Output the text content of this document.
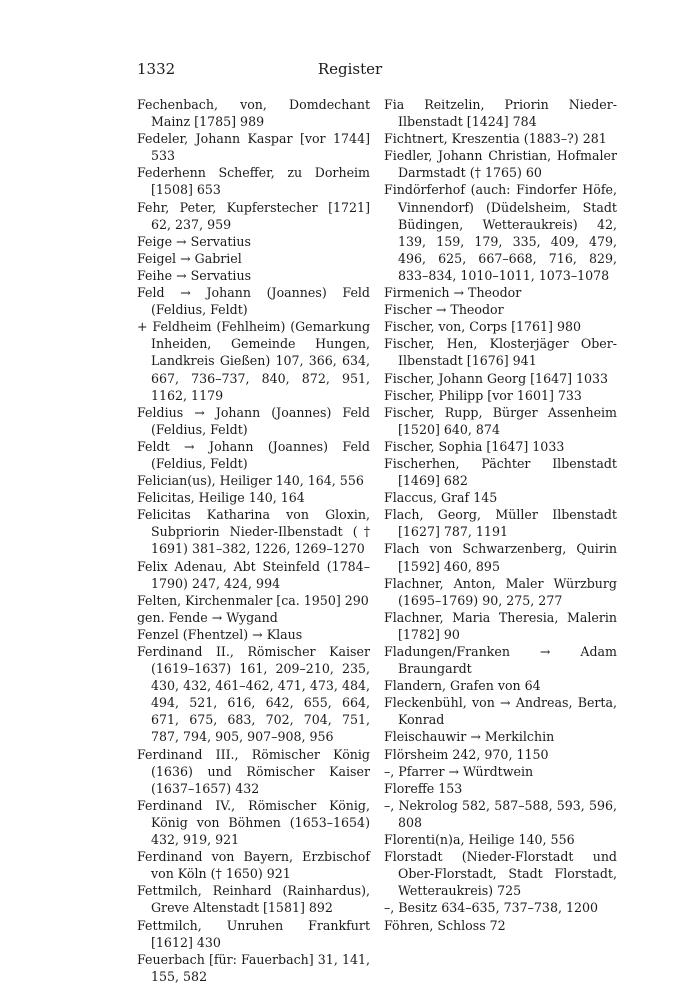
1332	Register

Fechenbach, von, Domdechant Mainz [1785] 989

Fedeler, Johann Kaspar [vor 1744] 533

Federhenn Scheffer, zu Dorheim [1508] 653

Fehr, Peter, Kupferstecher [1721] 62, 237, 959

Feige → Servatius

Feigel → Gabriel

Feihe → Servatius

Feld → Johann (Joannes) Feld (Feldius, Feldt)

+ Feldheim (Fehlheim) (Gemarkung Inheiden, Gemeinde Hungen, Landkreis Gießen) 107, 366, 634, 667, 736–737, 840, 872, 951, 1162, 1179

Feldius → Johann (Joannes) Feld (Feldius, Feldt)

Feldt → Johann (Joannes) Feld (Feldius, Feldt)

Felician(us), Heiliger 140, 164, 556

Felicitas, Heilige 140, 164

Felicitas Katharina von Gloxin, Subpriorin Nieder-Ilbenstadt († 1691) 381–382, 1226, 1269–1270

Felix Adenau, Abt Steinfeld (1784–1790) 247, 424, 994

Felten, Kirchenmaler [ca. 1950] 290

gen. Fende → Wygand

Fenzel (Fhentzel) → Klaus

Ferdinand II., Römischer Kaiser (1619–1637) 161, 209–210, 235, 430, 432, 461–462, 471, 473, 484, 494, 521, 616, 642, 655, 664, 671, 675, 683, 702, 704, 751, 787, 794, 905, 907–908, 956

Ferdinand III., Römischer König (1636) und Römischer Kaiser (1637–1657) 432

Ferdinand IV., Römischer König, König von Böhmen (1653–1654) 432, 919, 921

Ferdinand von Bayern, Erzbischof von Köln († 1650) 921

Fettmilch, Reinhard (Rainhardus), Greve Altenstadt [1581] 892

Fettmilch, Unruhen Frankfurt [1612] 430

Feuerbach [für: Fauerbach] 31, 141, 155, 582

Fia Reitzelin, Priorin Nieder-Ilbenstadt [1424] 784

Fichtnert, Kreszentia (1883–?) 281

Fiedler, Johann Christian, Hofmaler Darmstadt († 1765) 60

Findörferhof (auch: Findorfer Höfe, Vinnendorf) (Düdelsheim, Stadt Büdingen, Wetteraukreis) 42, 139, 159, 179, 335, 409, 479, 496, 625, 667–668, 716, 829, 833–834, 1010–1011, 1073–1078

Firmenich → Theodor

Fischer → Theodor

Fischer, von, Corps [1761] 980

Fischer, Hen, Klosterjäger Ober-Ilbenstadt [1676] 941

Fischer, Johann Georg [1647] 1033

Fischer, Philipp [vor 1601] 733

Fischer, Rupp, Bürger Assenheim [1520] 640, 874

Fischer, Sophia [1647] 1033

Fischerhen, Pächter Ilbenstadt [1469] 682

Flaccus, Graf 145

Flach, Georg, Müller Ilbenstadt [1627] 787, 1191

Flach von Schwarzenberg, Quirin [1592] 460, 895

Flachner, Anton, Maler Würzburg (1695–1769) 90, 275, 277

Flachner, Maria Theresia, Malerin [1782] 90

Fladungen/Franken → Adam Braungardt

Flandern, Grafen von 64

Fleckenbühl, von → Andreas, Berta, Konrad

Fleischauwir → Merkilchin

Flörsheim 242, 970, 1150

–, Pfarrer → Würdtwein

Floreffe 153

–, Nekrolog 582, 587–588, 593, 596, 808

Florenti(n)a, Heilige 140, 556

Florstadt (Nieder-Florstadt und Ober-Florstadt, Stadt Florstadt, Wetteraukreis) 725

–, Besitz 634–635, 737–738, 1200

Föhren, Schloss 72
